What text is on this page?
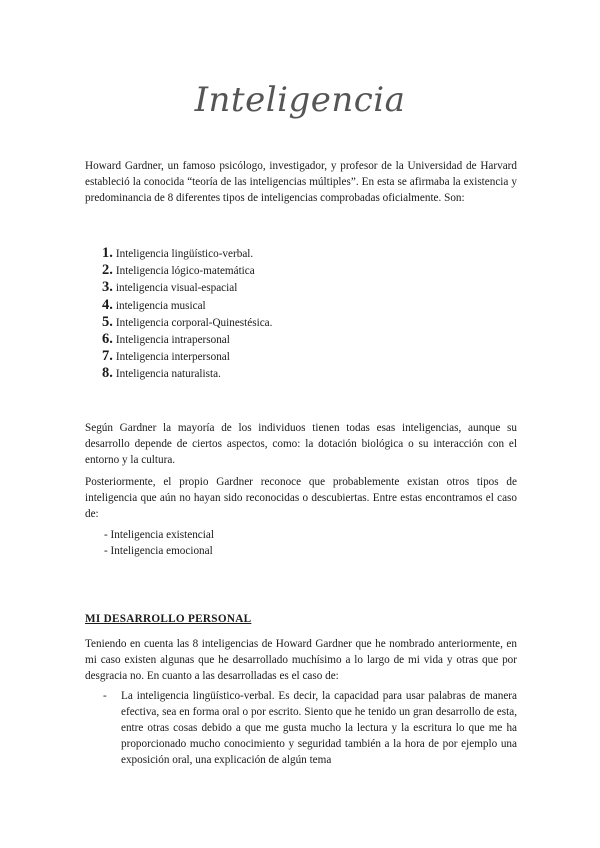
Inteligencia

Howard Gardner, un famoso psicólogo, investigador, y profesor de la Universidad de Harvard estableció la conocida “teoría de las inteligencias múltiples”. En esta se afirmaba la existencia y predominancia de 8 diferentes tipos de inteligencias comprobadas oficialmente. Son:

1. Inteligencia lingüístico-verbal.
2. Inteligencia lógico-matemática
3. inteligencia visual-espacial
4. inteligencia musical
5. Inteligencia corporal-Quinestésica.
6. Inteligencia intrapersonal
7. Inteligencia interpersonal
8. Inteligencia naturalista.

Según Gardner la mayoría de los individuos tienen todas esas inteligencias, aunque su desarrollo depende de ciertos aspectos, como: la dotación biológica o su interacción con el entorno y la cultura.

Posteriormente, el propio Gardner reconoce que probablemente existan otros tipos de inteligencia que aún no hayan sido reconocidas o descubiertas. Entre estas encontramos el caso de:

- Inteligencia existencial
- Inteligencia emocional
MI DESARROLLO PERSONAL

Teniendo en cuenta las 8 inteligencias de Howard Gardner que he nombrado anteriormente, en mi caso existen algunas que he desarrollado muchísimo a lo largo de mi vida y otras que por desgracia no. En cuanto a las desarrolladas es el caso de:

-	La inteligencia lingüístico-verbal. Es decir, la capacidad para usar palabras de manera efectiva, sea en forma oral o por escrito. Siento que he tenido un gran desarrollo de esta, entre otras cosas debido a que me gusta mucho la lectura y la escritura lo que me ha proporcionado mucho conocimiento y seguridad también a la hora de por ejemplo una exposición oral, una explicación de algún tema
